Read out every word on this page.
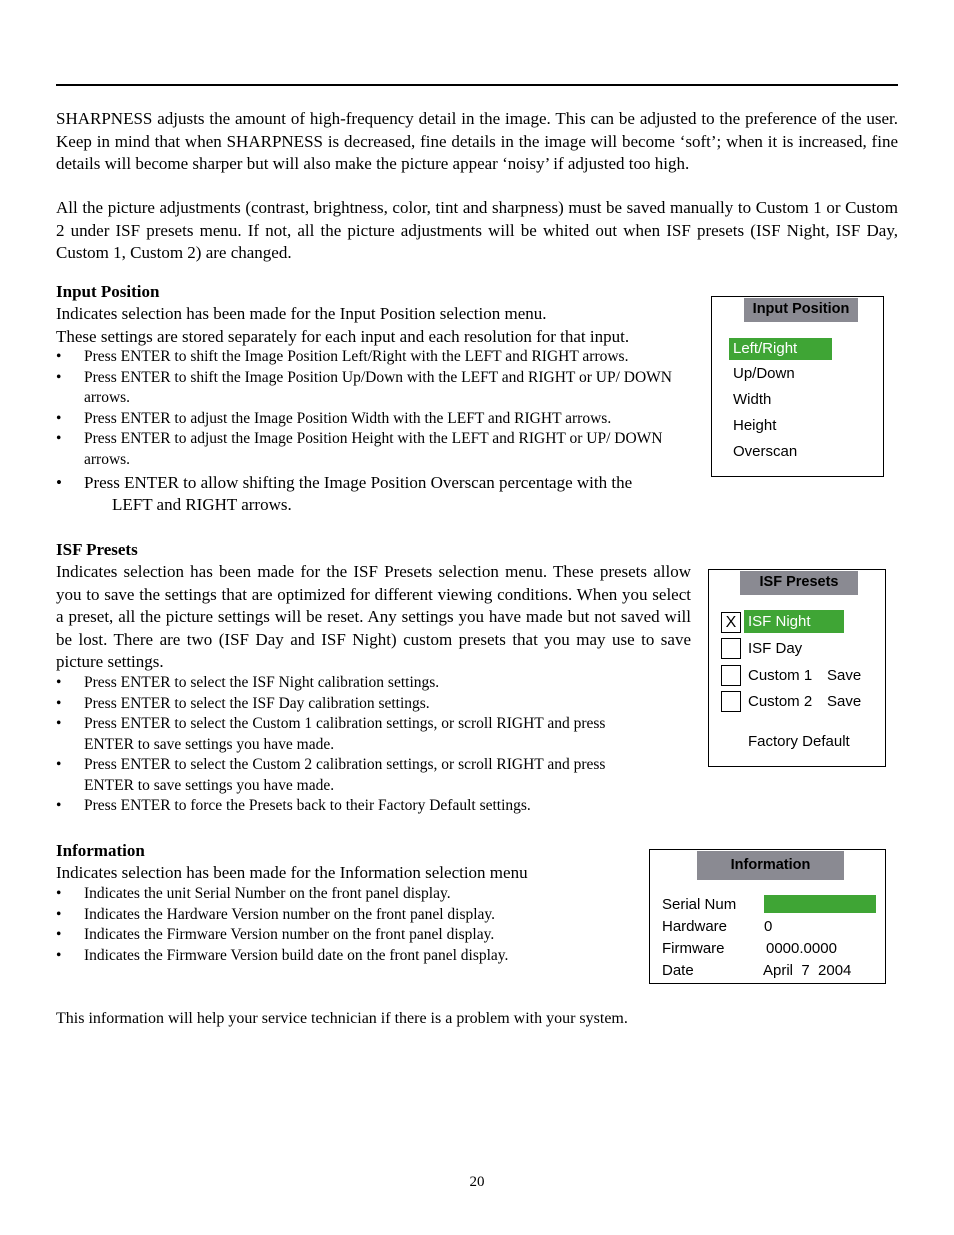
SHARPNESS adjusts the amount of high-frequency detail in the image. This can be adjusted to the preference of the user. Keep in mind that when SHARPNESS is decreased, fine details in the image will become ‘soft’; when it is increased, fine details will become sharper but will also make the picture appear ‘noisy’ if adjusted too high.
All the picture adjustments (contrast, brightness, color, tint and sharpness) must be saved manually to Custom 1 or Custom 2 under ISF presets menu. If not, all the picture adjustments will be whited out when ISF presets (ISF Night, ISF Day, Custom 1, Custom 2) are changed.
Input Position
Indicates selection has been made for the Input Position selection menu.
These settings are stored separately for each input and each resolution for that input.
• Press ENTER to shift the Image Position Left/Right with the LEFT and RIGHT arrows.
• Press ENTER to shift the Image Position Up/Down with the LEFT and RIGHT or UP/ DOWN arrows.
• Press ENTER to adjust the Image Position Width with the LEFT and RIGHT arrows.
• Press ENTER to adjust the Image Position Height with the LEFT and RIGHT or UP/ DOWN arrows.
• Press ENTER to allow shifting the Image Position Overscan percentage with the
LEFT and RIGHT arrows.
Input Position
Left/Right
Up/Down
Width
Height
Overscan
ISF Presets
Indicates selection has been made for the ISF Presets selection menu. These presets allow you to save the settings that are optimized for different viewing conditions. When you select a preset, all the picture settings will be reset. Any settings you have made but not saved will be lost. There are two (ISF Day and ISF Night) custom presets that you may use to save picture settings.
• Press ENTER to select the ISF Night calibration settings.
• Press ENTER to select the ISF Day calibration settings.
• Press ENTER to select the Custom 1 calibration settings, or scroll RIGHT and press ENTER to save settings you have made.
• Press ENTER to select the Custom 2 calibration settings, or scroll RIGHT and press ENTER to save settings you have made.
• Press ENTER to force the Presets back to their Factory Default settings.
ISF Presets
X ISF Night
ISF Day
Custom 1 Save
Custom 2 Save
Factory Default
Information
Indicates selection has been made for the Information selection menu
• Indicates the unit Serial Number on the front panel display.
• Indicates the Hardware Version number on the front panel display.
• Indicates the Firmware Version number on the front panel display.
• Indicates the Firmware Version build date on the front panel display.
Information
Serial Num
Hardware 0
Firmware	0000.0000
Date	April  7  2004
This information will help your service technician if there is a problem with your system.
20
